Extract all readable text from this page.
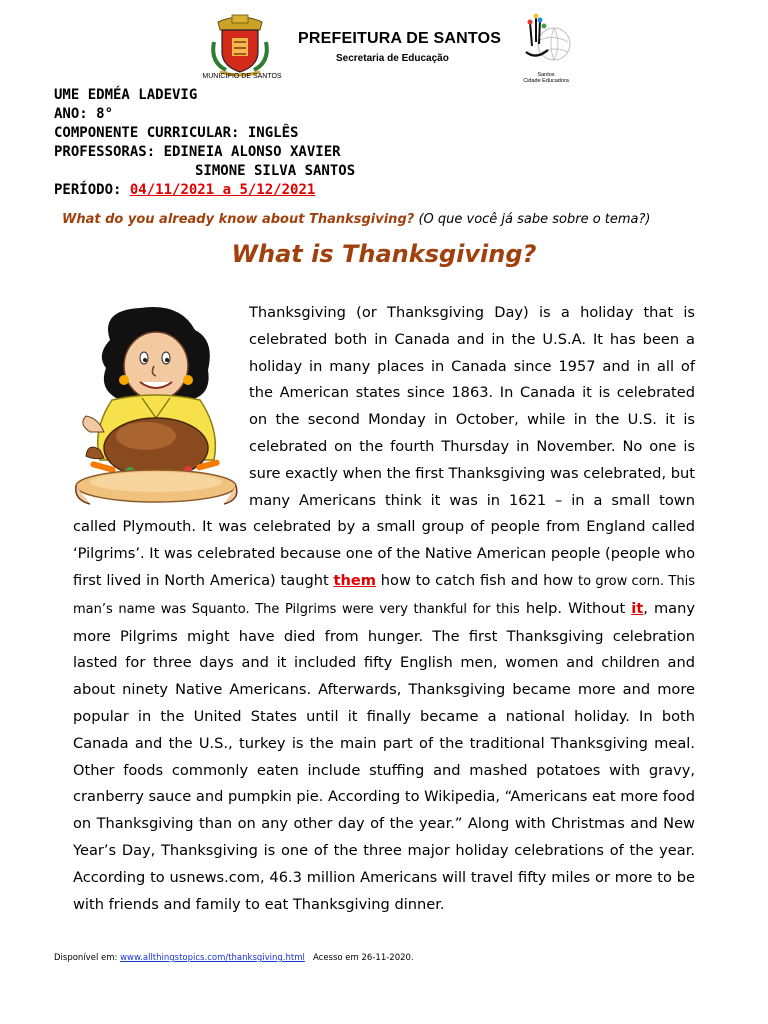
MUNICÍPIO DE SANTOS
PREFEITURA DE SANTOS
Secretaria de Educação
Santos
Cidade Educadora
UME EDMÉA LADEVIG
ANO: 8°
COMPONENTE CURRICULAR: INGLÊS
PROFESSORAS: EDINEIA ALONSO XAVIER
SIMONE SILVA SANTOS
PERÍODO: 04/11/2021 a 5/12/2021
What do you already know about Thanksgiving? (O que você já sabe sobre o tema?)
What is Thanksgiving?
Thanksgiving (or Thanksgiving Day) is a holiday that is celebrated both in Canada and in the U.S.A. It has been a holiday in many places in Canada since 1957 and in all of the American states since 1863. In Canada it is celebrated on the second Monday in October, while in the U.S. it is celebrated on the fourth Thursday in November. No one is sure exactly when the first Thanksgiving was celebrated, but many Americans think it was in 1621 – in a small town called Plymouth. It was celebrated by a small group of people from England called ‘Pilgrims’. It was celebrated because one of the Native American people (people who first lived in North America) taught them how to catch fish and how to grow corn. This man’s name was Squanto. The Pilgrims were very thankful for this help. Without it, many more Pilgrims might have died from hunger. The first Thanksgiving celebration lasted for three days and it included fifty English men, women and children and about ninety Native Americans. Afterwards, Thanksgiving became more and more popular in the United States until it finally became a national holiday. In both Canada and the U.S., turkey is the main part of the traditional Thanksgiving meal. Other foods commonly eaten include stuffing and mashed potatoes with gravy, cranberry sauce and pumpkin pie. According to Wikipedia, “Americans eat more food on Thanksgiving than on any other day of the year.” Along with Christmas and New Year’s Day, Thanksgiving is one of the three major holiday celebrations of the year. According to usnews.com, 46.3 million Americans will travel fifty miles or more to be with friends and family to eat Thanksgiving dinner.
Disponível em: www.allthingstopics.com/thanksgiving.html Acesso em 26-11-2020.
